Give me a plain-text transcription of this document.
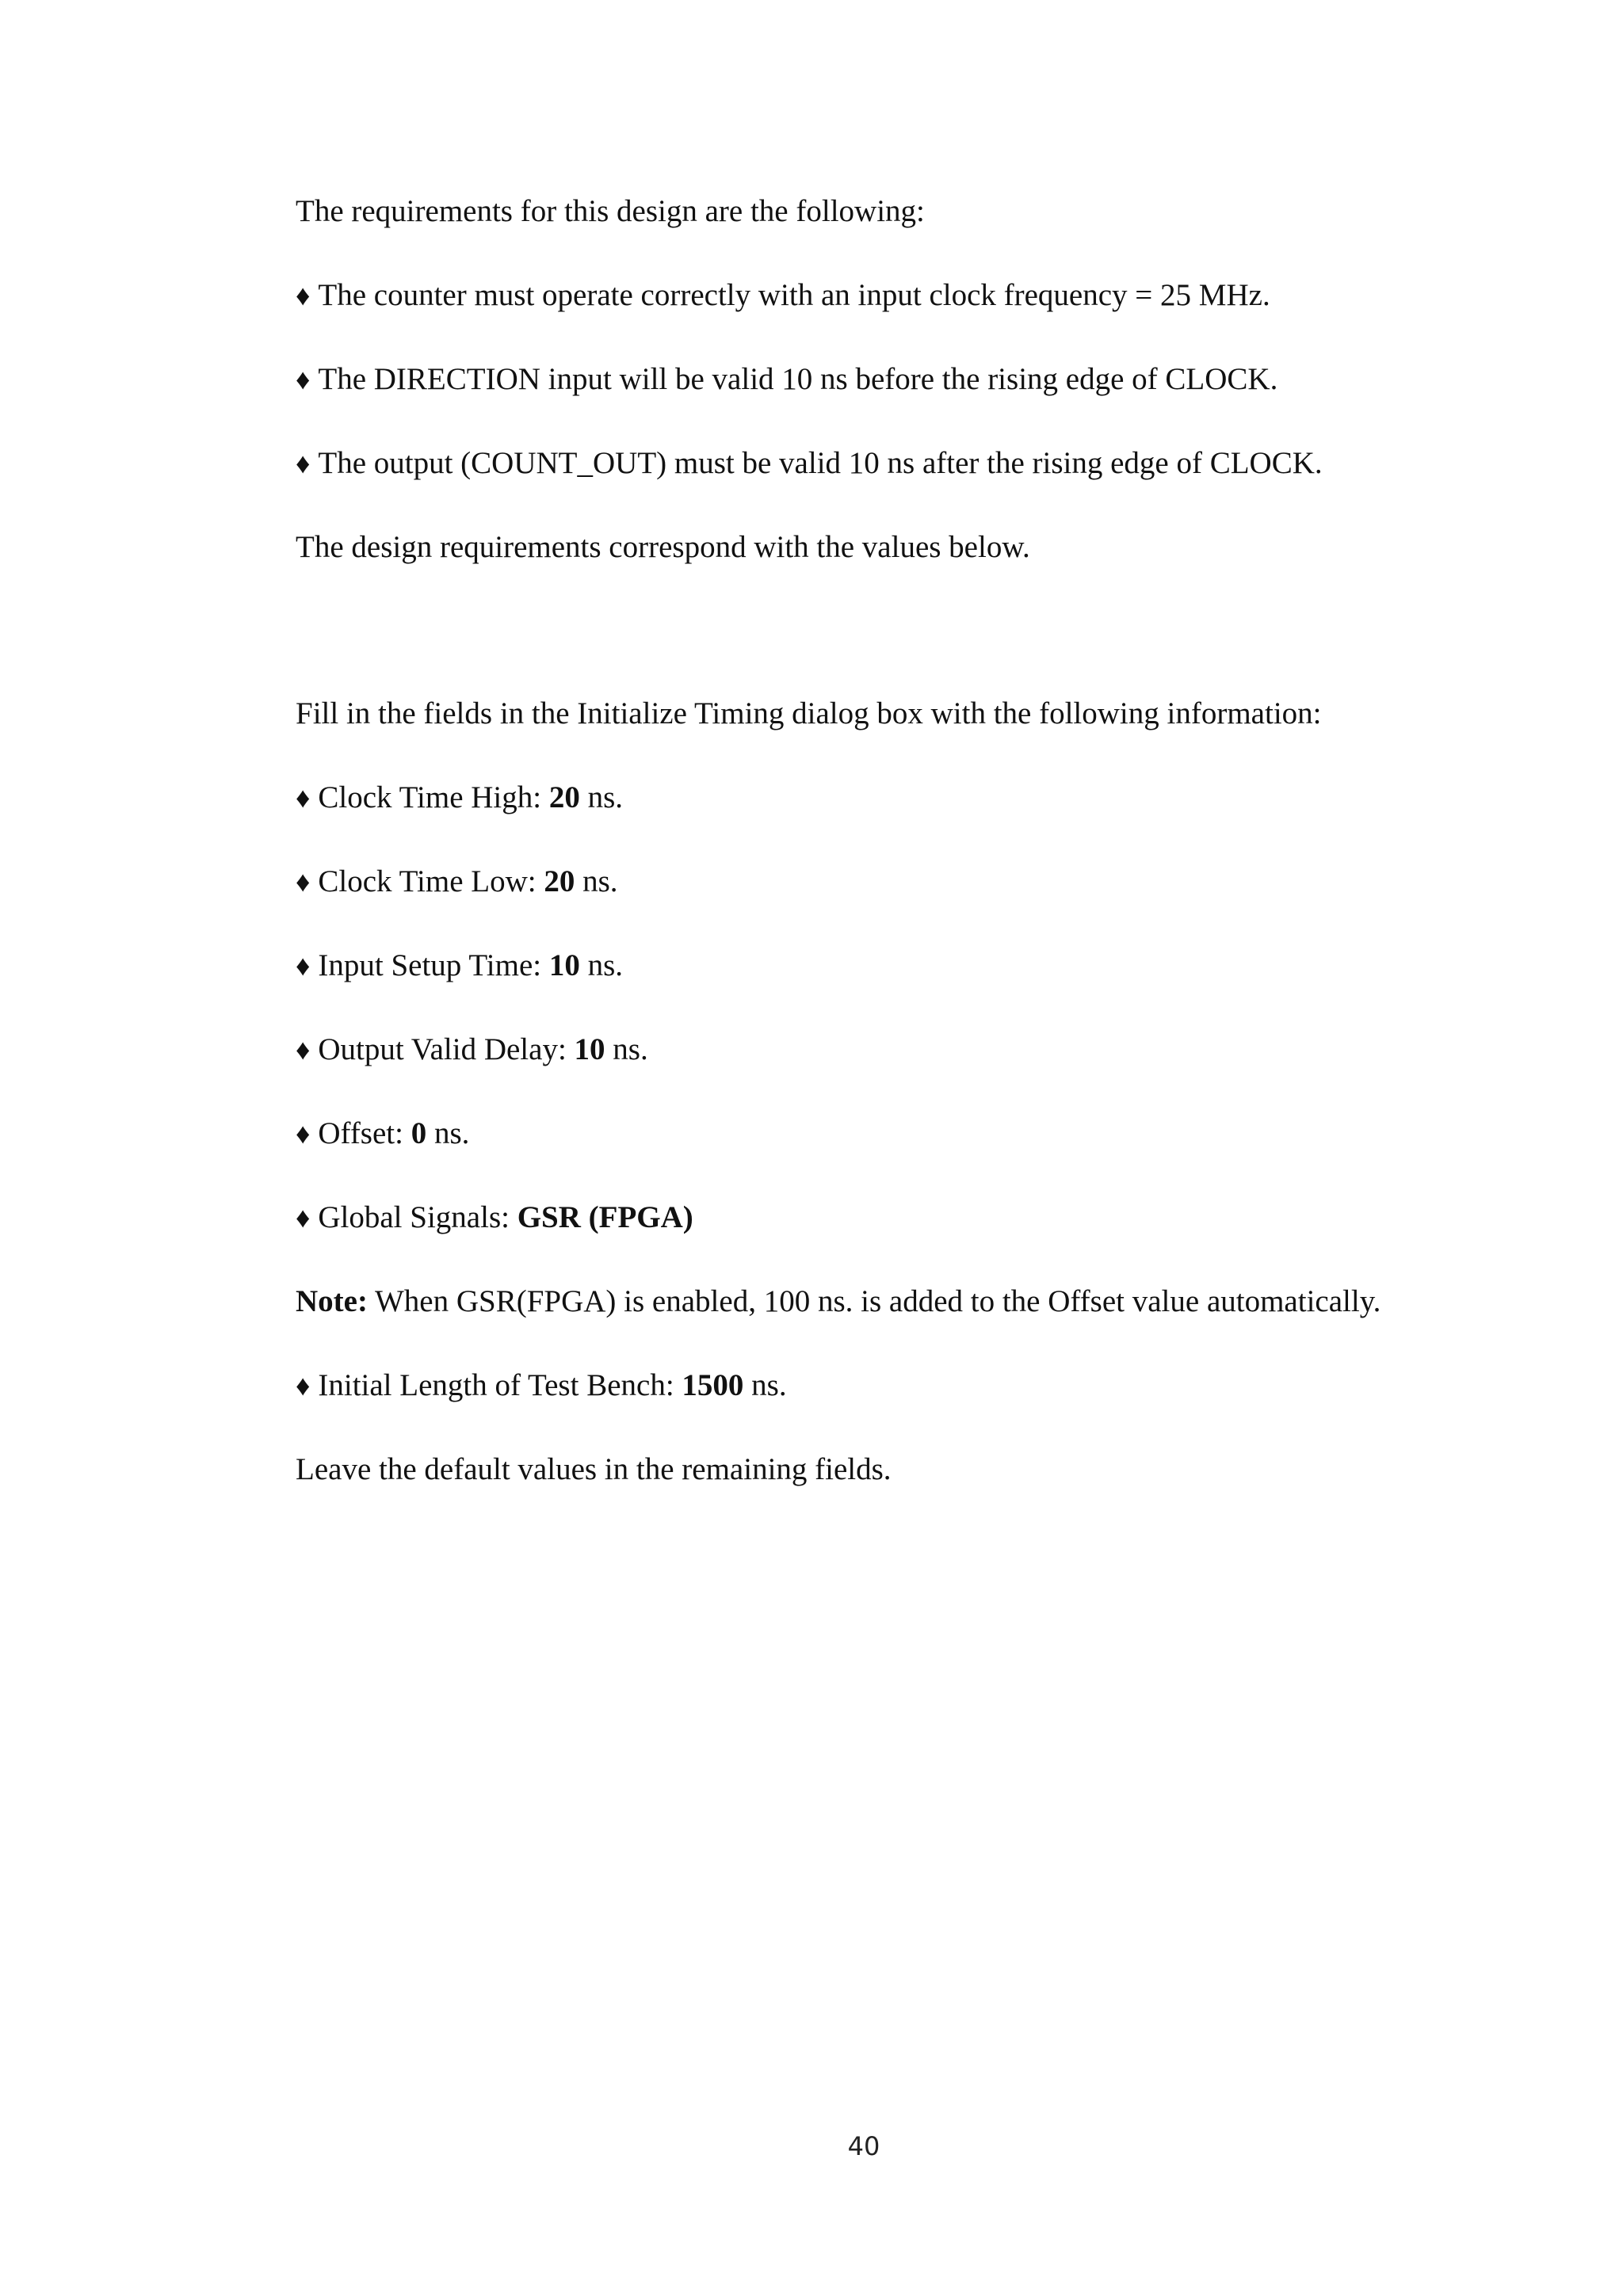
The requirements for this design are the following:

♦ The counter must operate correctly with an input clock frequency = 25 MHz.

♦ The DIRECTION input will be valid 10 ns before the rising edge of CLOCK.

♦ The output (COUNT_OUT) must be valid 10 ns after the rising edge of CLOCK.

The design requirements correspond with the values below.

Fill in the fields in the Initialize Timing dialog box with the following information:

♦ Clock Time High: 20 ns.

♦ Clock Time Low: 20 ns.

♦ Input Setup Time: 10 ns.

♦ Output Valid Delay: 10 ns.

♦ Offset: 0 ns.

♦ Global Signals: GSR (FPGA)

Note: When GSR(FPGA) is enabled, 100 ns. is added to the Offset value automatically.

♦ Initial Length of Test Bench: 1500 ns.

Leave the default values in the remaining fields.

40
